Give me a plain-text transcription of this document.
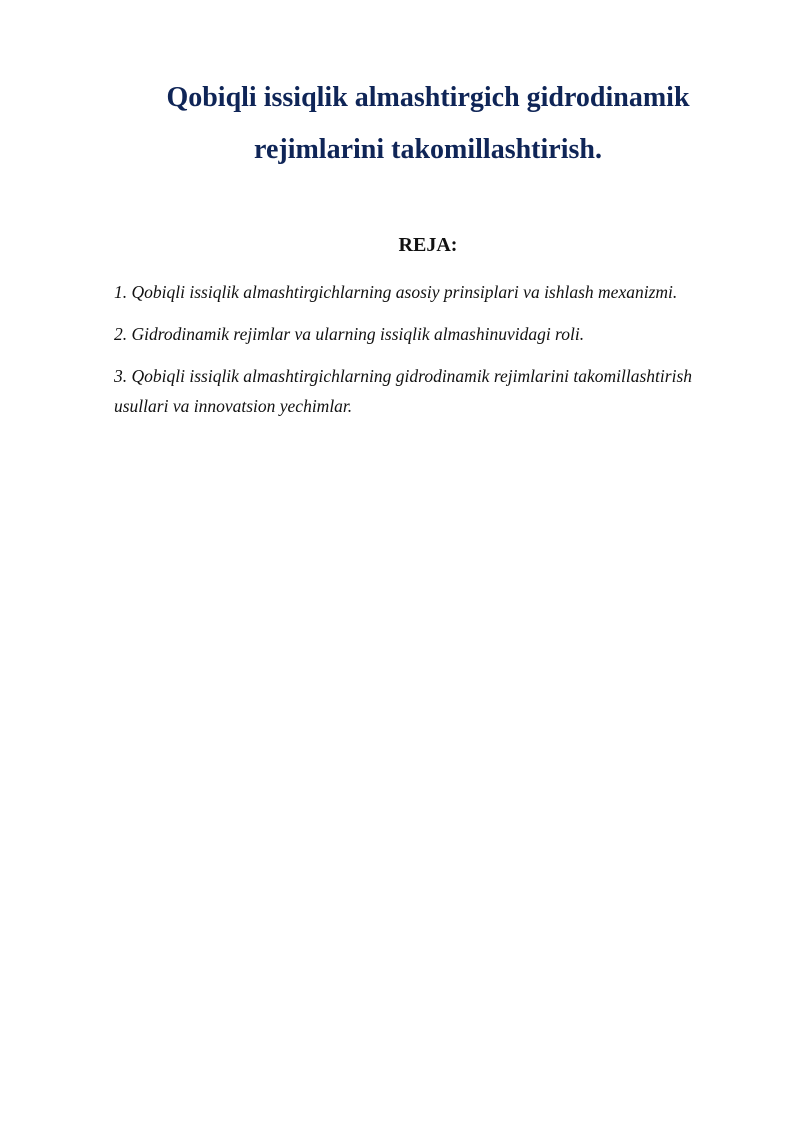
Qobiqli issiqlik almashtirgich gidrodinamik
rejimlarini takomillashtirish.
REJA:
1. Qobiqli issiqlik almashtirgichlarning asosiy prinsiplari va ishlash mexanizmi.
2. Gidrodinamik rejimlar va ularning issiqlik almashinuvidagi roli.
3. Qobiqli issiqlik almashtirgichlarning gidrodinamik rejimlarini takomillashtirish usullari va innovatsion yechimlar.
